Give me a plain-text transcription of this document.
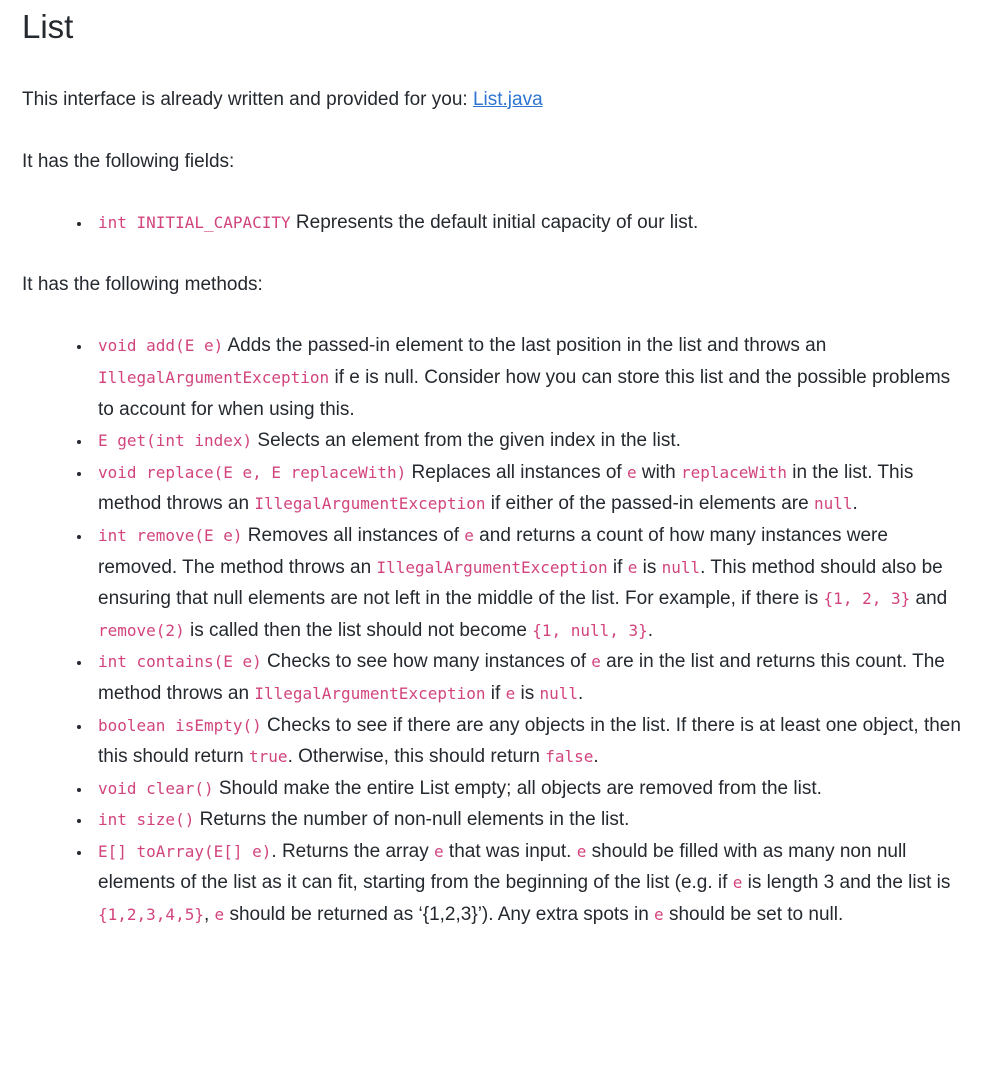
List

This interface is already written and provided for you: List.java

It has the following fields:

• int INITIAL_CAPACITY Represents the default initial capacity of our list.

It has the following methods:

• void add(E e) Adds the passed-in element to the last position in the list and throws an IllegalArgumentException if e is null. Consider how you can store this list and the possible problems to account for when using this.
• E get(int index) Selects an element from the given index in the list.
• void replace(E e, E replaceWith) Replaces all instances of e with replaceWith in the list. This method throws an IllegalArgumentException if either of the passed-in elements are null.
• int remove(E e) Removes all instances of e and returns a count of how many instances were removed. The method throws an IllegalArgumentException if e is null. This method should also be ensuring that null elements are not left in the middle of the list. For example, if there is {1, 2, 3} and remove(2) is called then the list should not become {1, null, 3}.
• int contains(E e) Checks to see how many instances of e are in the list and returns this count. The method throws an IllegalArgumentException if e is null.
• boolean isEmpty() Checks to see if there are any objects in the list. If there is at least one object, then this should return true. Otherwise, this should return false.
• void clear() Should make the entire List empty; all objects are removed from the list.
• int size() Returns the number of non-null elements in the list.
• E[] toArray(E[] e). Returns the array e that was input. e should be filled with as many non null elements of the list as it can fit, starting from the beginning of the list (e.g. if e is length 3 and the list is {1,2,3,4,5}, e should be returned as ‘{1,2,3}’). Any extra spots in e should be set to null.
